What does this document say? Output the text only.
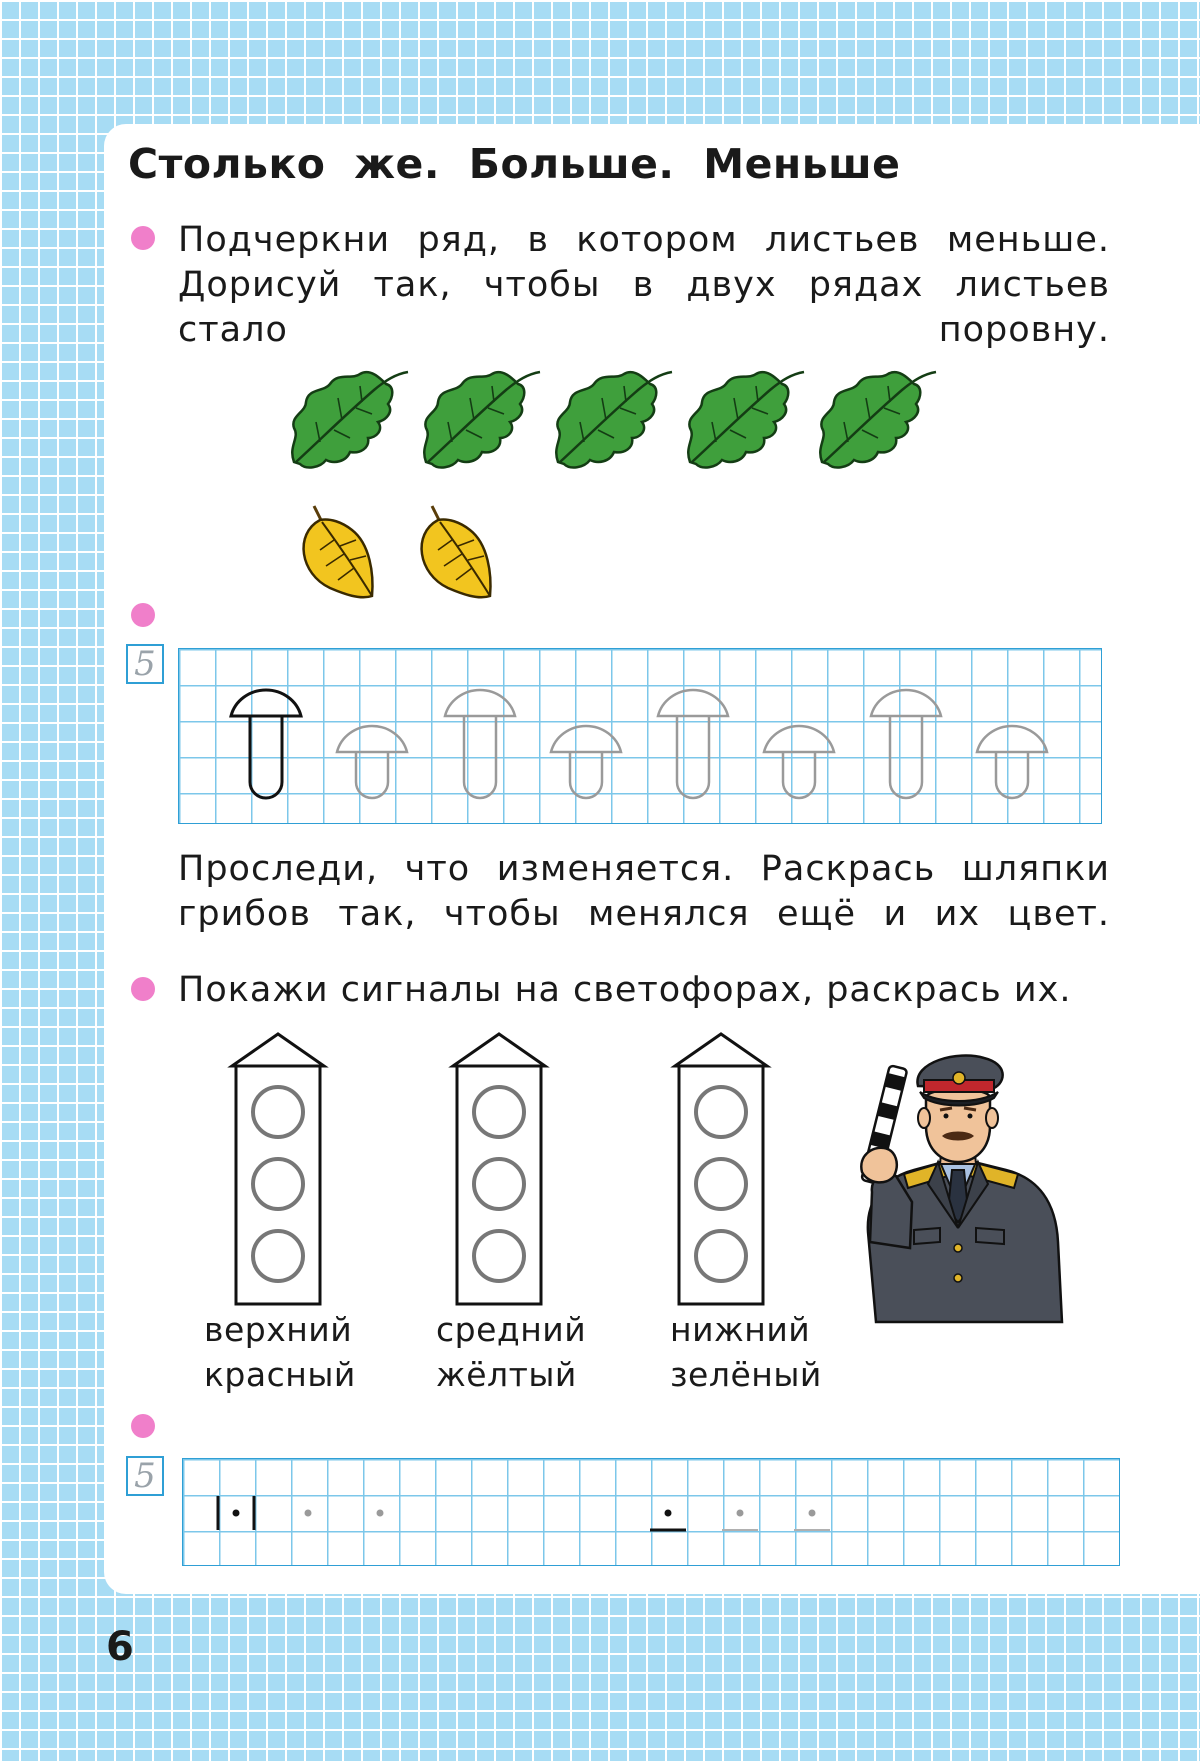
Столько же. Больше. Меньше

Подчеркни ряд, в котором листьев меньше. Дорисуй так, чтобы в двух рядах листьев стало поровну.

5

Проследи, что изменяется. Раскрась шляпки грибов так, чтобы менялся ещё и их цвет.

Покажи сигналы на светофорах, раскрась их.

верхний
красный
средний
жёлтый
нижний
зелёный
5
6
